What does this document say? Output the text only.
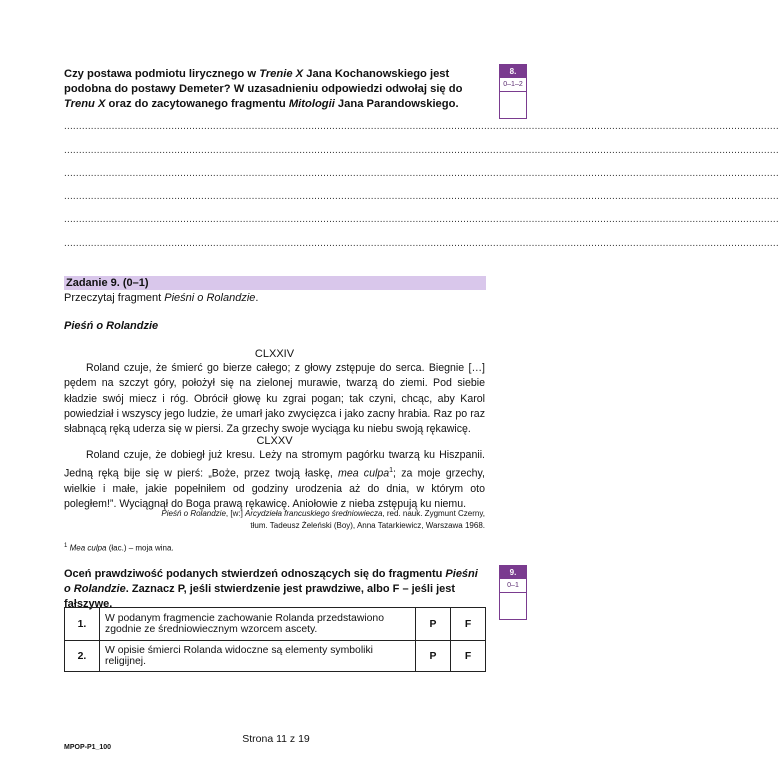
Czy postawa podmiotu lirycznego w Trenie X Jana Kochanowskiego jest podobna do postawy Demeter? W uzasadnieniu odpowiedzi odwołaj się do Trenu X oraz do zacytowanego fragmentu Mitologii Jana Parandowskiego.
8.
0–1–2
................................................................................................................................................................................................................................................
................................................................................................................................................................................................................................................
................................................................................................................................................................................................................................................
................................................................................................................................................................................................................................................
................................................................................................................................................................................................................................................
................................................................................................................................................................................................................................................
Zadanie 9. (0–1)
Przeczytaj fragment Pieśni o Rolandzie.
Pieśń o Rolandzie
CLXXIV

Roland czuje, że śmierć go bierze całego; z głowy zstępuje do serca. Biegnie […] pędem na szczyt góry, położył się na zielonej murawie, twarzą do ziemi. Pod siebie kładzie swój miecz i róg. Obrócił głowę ku zgrai pogan; tak czyni, chcąc, aby Karol powiedział i wszyscy jego ludzie, że umarł jako zwycięzca i jako zacny hrabia. Raz po raz słabnącą ręką uderza się w piersi. Za grzechy swoje wyciąga ku niebu swoją rękawicę.

CLXXV

Roland czuje, że dobiegł już kresu. Leży na stromym pagórku twarzą ku Hiszpanii. Jedną ręką bije się w pierś: „Boże, przez twoją łaskę, mea culpa$^1$; za moje grzechy, wielkie i małe, jakie popełniłem od godziny urodzenia aż do dnia, w którym oto poległem!”. Wyciągnął do Boga prawą rękawicę. Aniołowie z nieba zstępują ku niemu.

Pieśń o Rolandzie, [w:] Arcydzieła francuskiego średniowiecza, red. nauk. Zygmunt Czerny,
tłum. Tadeusz Żeleński (Boy), Anna Tatarkiewicz, Warszawa 1968.
$^1$ Mea culpa (łac.) – moja wina.
Oceń prawdziwość podanych stwierdzeń odnoszących się do fragmentu Pieśni o Rolandzie. Zaznacz P, jeśli stwierdzenie jest prawdziwe, albo F – jeśli jest fałszywe.
9.
0–1
1.	W podanym fragmencie zachowanie Rolanda przedstawiono zgodnie ze średniowiecznym wzorcem ascety.	P	F
2.	W opisie śmierci Rolanda widoczne są elementy symboliki religijnej.	P	F
Strona 11 z 19
MPOP-P1_100
